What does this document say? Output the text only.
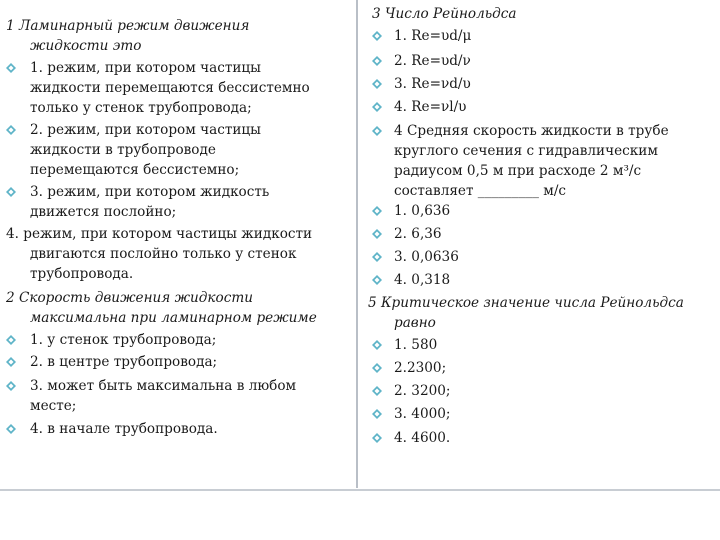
1 Ламинарный режим движения
жидкости это
1. режим, при котором частицы
жидкости перемещаются бессистемно
только у стенок трубопровода;
2. режим, при котором частицы
жидкости в трубопроводе
перемещаются бессистемно;
3. режим, при котором жидкость
движется послойно;
4. режим, при котором частицы жидкости
двигаются послойно только у стенок
трубопровода.
2 Скорость движения жидкости
максимальна при ламинарном режиме
1. у стенок трубопровода;
2. в центре трубопровода;
3. может быть максимальна в любом
месте;
4. в начале трубопровода.
3 Число Рейнольдса
1. Re=υd/μ
2. Re=υd/ν
3. Re=νd/υ
4. Re=νl/υ
4 Средняя скорость жидкости в трубе
круглого сечения с гидравлическим
радиусом 0,5 м при расходе 2 м³/с
составляет _________ м/с
1. 0,636
2. 6,36
3. 0,0636
4. 0,318
5 Критическое значение числа Рейнольдса
равно
1. 580
2.2300;
2. 3200;
3. 4000;
4. 4600.
